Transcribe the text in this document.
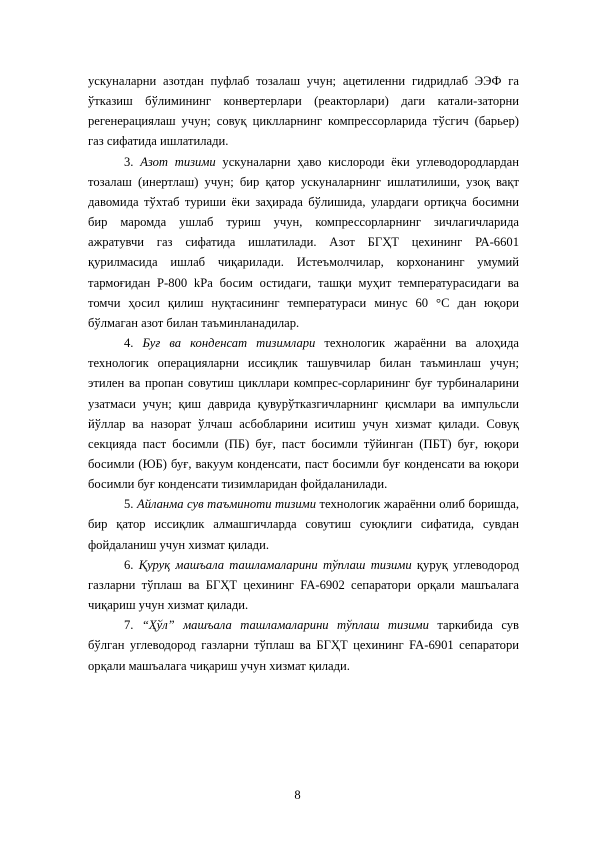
ускуналарни азотдан пуфлаб тозалаш учун; ацетиленни гидридлаб ЭЭФ га ўтказиш бўлимининг конвертерлари (реакторлари) даги катали-заторни регенерациялаш учун; совуқ циклларнинг компрессорларида тўсгич (барьер) газ сифатида ишлатилади.

3. Азот тизими ускуналарни ҳаво кислороди ёки углеводородлардан тозалаш (инертлаш) учун; бир қатор ускуналарнинг ишлатилиши, узоқ вақт давомида тўхтаб туриши ёки заҳирада бўлишида, улардаги ортиқча босимни бир маромда ушлаб туриш учун, компрессорларнинг зичлагичларида ажратувчи газ сифатида ишлатилади. Азот БГҲТ цехининг РА-6601 қурилмасида ишлаб чиқарилади. Истеъмолчилар, корхонанинг умумий тармоғидан Р-800 kPa босим остидаги, ташқи муҳит температурасидаги ва томчи ҳосил қилиш нуқтасининг температураси минус 60 °С дан юқори бўлмаган азот билан таъминланадилар.

4. Буғ ва конденсат тизимлари технологик жараённи ва алоҳида технологик операцияларни иссиқлик ташувчилар билан таъминлаш учун; этилен ва пропан совутиш цикллари компрес-сорларининг буғ турбиналарини узатмаси учун; қиш даврида қувурўтказгичларнинг қисмлари ва импульсли йўллар ва назорат ўлчаш асбобларини иситиш учун хизмат қилади. Совуқ секцияда паст босимли (ПБ) буғ, паст босимли тўйинган (ПБТ) буғ, юқори босимли (ЮБ) буғ, вакуум конденсати, паст босимли буғ конденсати ва юқори босимли буғ конденсати тизимларидан фойдаланилади.

5. Айланма сув таъминоти тизими технологик жараённи олиб боришда, бир қатор иссиқлик алмашгичларда совутиш суюқлиги сифатида, сувдан фойдаланиш учун хизмат қилади.

6. Қуруқ машъала ташламаларини тўплаш тизими қуруқ углеводород газларни тўплаш ва БГҲТ цехининг FA-6902 сепаратори орқали машъалага чиқариш учун хизмат қилади.

7. “Ҳўл” машъала ташламаларини тўплаш тизими таркибида сув бўлган углеводород газларни тўплаш ва БГҲТ цехининг FA-6901 сепаратори орқали машъалага чиқариш учун хизмат қилади.

8
